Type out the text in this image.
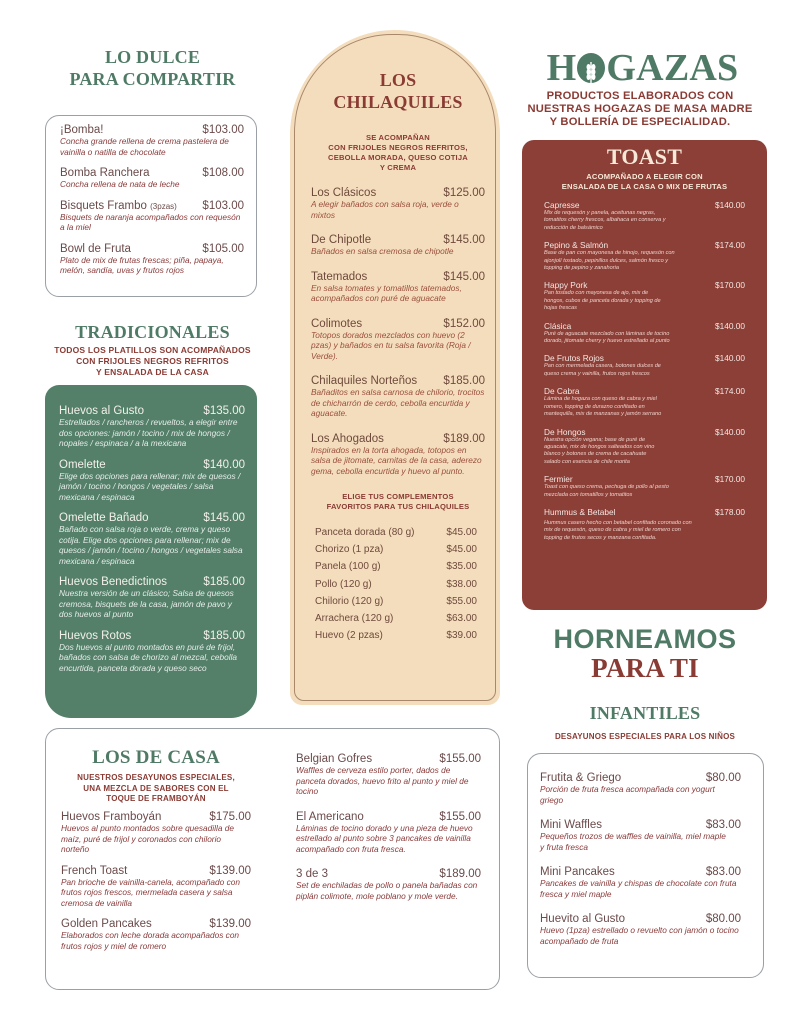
LO DULCE
PARA COMPARTIR
¡Bomba!	$103.00
Concha grande rellena de crema pastelera de vainilla o natilla de chocolate
Bomba Ranchera	$108.00
Concha rellena de nata de leche
Bisquets Frambo (3pzas) $103.00
Bisquets de naranja acompañados con requesón a la miel
Bowl de Fruta	$105.00
Plato de mix de frutas frescas; piña, papaya, melón, sandía, uvas y frutos rojos
TRADICIONALES
TODOS LOS PLATILLOS SON ACOMPAÑADOS
CON FRIJOLES NEGROS REFRITOS
Y ENSALADA DE LA CASA
Huevos al Gusto	$135.00
Estrellados / rancheros / revueltos, a elegir entre dos opciones: jamón / tocino / mix de hongos / nopales / espinaca / a la mexicana
Omelette	$140.00
Elige dos opciones para rellenar; mix de quesos / jamón / tocino / hongos / vegetales / salsa mexicana / espinaca
Omelette Bañado	$145.00
Bañado con salsa roja o verde, crema y queso cotija. Elige dos opciones para rellenar; mix de quesos / jamón / tocino / hongos / vegetales salsa mexicana / espinaca
Huevos Benedictinos	$185.00
Nuestra versión de un clásico; Salsa de quesos cremosa, bisquets de la casa, jamón de pavo y dos huevos al punto
Huevos Rotos	$185.00
Dos huevos al punto montados en puré de frijol, bañados con salsa de chorizo al mezcal, cebolla encurtida, panceta dorada y queso seco
LOS
CHILAQUILES
SE ACOMPAÑAN
CON FRIJOLES NEGROS REFRITOS,
CEBOLLA MORADA, QUESO COTIJA
Y CREMA
Los Clásicos	$125.00
A elegir bañados con salsa roja, verde o mixtos
De Chipotle	$145.00
Bañados en salsa cremosa de chipotle
Tatemados	$145.00
En salsa tomates y tomatillos tatemados, acompañados con puré de aguacate
Colimotes	$152.00
Totopos dorados mezclados con huevo (2 pzas) y bañados en tu salsa favorita (Roja / Verde).
Chilaquiles Norteños $185.00
Bañaditos en salsa carnosa de chilorio, trocitos de chicharrón de cerdo, cebolla encurtida y aguacate.
Los Ahogados	$189.00
Inspirados en la torta ahogada, totopos en salsa de jitomate, carnitas de la casa, aderezo gema, cebolla encurtida y huevo al punto.
ELIGE TUS COMPLEMENTOS
FAVORITOS PARA TUS CHILAQUILES
Panceta dorada (80 g)	$45.00
Chorizo (1 pza)	$45.00
Panela (100 g)	$35.00
Pollo (120 g)	$38.00
Chilorio (120 g)	$55.00
Arrachera (120 g)	$63.00
Huevo (2 pzas)	$39.00
H GAZAS
PRODUCTOS ELABORADOS CON
NUESTRAS HOGAZAS DE MASA MADRE
Y BOLLERÍA DE ESPECIALIDAD.
TOAST
ACOMPAÑADO A ELEGIR CON
ENSALADA DE LA CASA O MIX DE FRUTAS
Capresse	$140.00
Mix de requesón y panela, aceitunas negras, tomatitos cherry frescos, albahaca en conserva y reducción de balsámico
Pepino & Salmón	$174.00
Base de pan con mayonesa de hinojo, requesón con ajonjolí tostado, pepinillos dulces, salmón fresco y topping de pepino y zanahoria
Happy Pork	$170.00
Pan tostado con mayonesa de ajo, mix de hongos, cubos de panceta dorada y topping de hojas frescas
Clásica	$140.00
Puré de aguacate mezclado con láminas de tocino dorado, jitomate cherry y huevo estrellado al punto
De Frutos Rojos	$140.00
Pan con mermelada casera, botones dulces de queso crema y vainilla, frutos rojos frescos
De Cabra	$174.00
Lámina de hogaza con queso de cabra y miel romero, topping de durazno confitado en mantequilla, mix de manzanas y jamón serrano
De Hongos	$140.00
Nuestra opción vegana; base de puré de aguacate, mix de hongos salteados con vino blanco y botones de crema de cacahuate salado con esencia de chile morita
Fermier	$170.00
Toast con queso crema, pechuga de pollo al pesto mezclada con tomatillos y tomatitos
Hummus & Betabel	$178.00
Hummus casero hecho con betabel confitado coronado con mix de requesón, queso de cabra y miel de romero con topping de frutos secos y manzana confitada.
HORNEAMOS
PARA TI
INFANTILES
DESAYUNOS ESPECIALES PARA LOS NIÑOS
Frutita & Griego	$80.00
Porción de fruta fresca acompañada con yogurt griego
Mini Waffles	$83.00
Pequeños trozos de waffles de vainilla, miel maple y fruta fresca
Mini Pancakes	$83.00
Pancakes de vainilla y chispas de chocolate con fruta fresca y miel maple
Huevito al Gusto	$80.00
Huevo (1pza) estrellado o revuelto con jamón o tocino acompañado de fruta
LOS DE CASA
NUESTROS DESAYUNOS ESPECIALES,
UNA MEZCLA DE SABORES CON EL
TOQUE DE FRAMBOYÁN
Huevos Framboyán	$175.00
Huevos al punto montados sobre quesadilla de maíz, puré de frijol y coronados con chilorio norteño
French Toast	$139.00
Pan brioche de vainilla-canela, acompañado con frutos rojos frescos, mermelada casera y salsa cremosa de vainilla
Golden Pancakes	$139.00
Elaborados con leche dorada acompañados con frutos rojos y miel de romero
Belgian Gofres	$155.00
Waffles de cerveza estilo porter, dados de panceta dorados, huevo frito al punto y miel de tocino
El Americano	$155.00
Láminas de tocino dorado y una pieza de huevo estrellado al punto sobre 3 pancakes de vainilla acompañado con fruta fresca.
3 de 3	$189.00
Set de enchiladas de pollo o panela bañadas con piplán colimote, mole poblano y mole verde.
